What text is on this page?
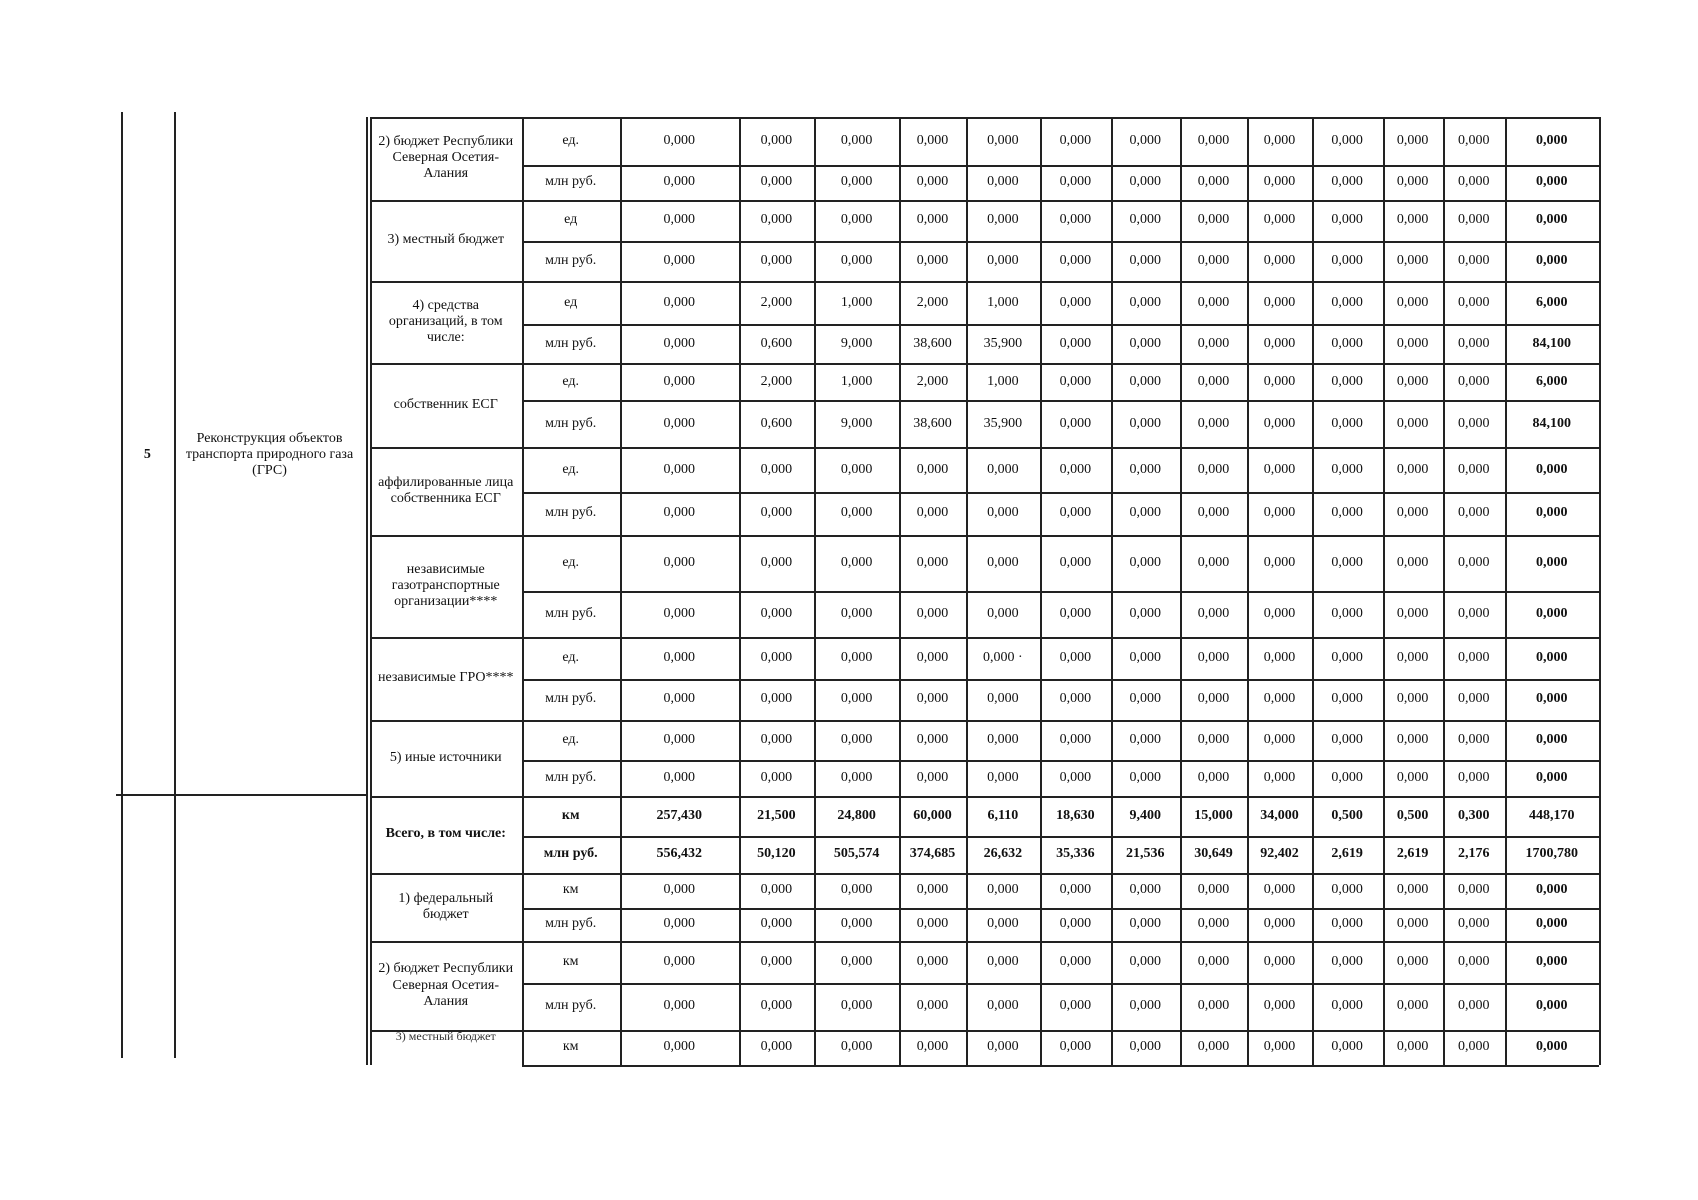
5
Реконструкция объектов транспорта природного газа (ГРС)
2) бюджет Республики Северная Осетия-Алания
ед.	0,000	0,000	0,000	0,000	0,000	0,000	0,000	0,000	0,000	0,000	0,000	0,000	0,000
млн руб.	0,000	0,000	0,000	0,000	0,000	0,000	0,000	0,000	0,000	0,000	0,000	0,000	0,000
3) местный бюджет
ед	0,000	0,000	0,000	0,000	0,000	0,000	0,000	0,000	0,000	0,000	0,000	0,000	0,000
млн руб.	0,000	0,000	0,000	0,000	0,000	0,000	0,000	0,000	0,000	0,000	0,000	0,000	0,000
4) средства организаций, в том числе:
ед	0,000	2,000	1,000	2,000	1,000	0,000	0,000	0,000	0,000	0,000	0,000	0,000	6,000
млн руб.	0,000	0,600	9,000	38,600	35,900	0,000	0,000	0,000	0,000	0,000	0,000	0,000	84,100
собственник ЕСГ
ед.	0,000	2,000	1,000	2,000	1,000	0,000	0,000	0,000	0,000	0,000	0,000	0,000	6,000
млн руб.	0,000	0,600	9,000	38,600	35,900	0,000	0,000	0,000	0,000	0,000	0,000	0,000	84,100
аффилированные лица собственника ЕСГ
ед.	0,000	0,000	0,000	0,000	0,000	0,000	0,000	0,000	0,000	0,000	0,000	0,000	0,000
млн руб.	0,000	0,000	0,000	0,000	0,000	0,000	0,000	0,000	0,000	0,000	0,000	0,000	0,000
независимые газотранспортные организации****
ед.	0,000	0,000	0,000	0,000	0,000	0,000	0,000	0,000	0,000	0,000	0,000	0,000	0,000
млн руб.	0,000	0,000	0,000	0,000	0,000	0,000	0,000	0,000	0,000	0,000	0,000	0,000	0,000
независимые ГРО****
ед.	0,000	0,000	0,000	0,000	0,000 ·	0,000	0,000	0,000	0,000	0,000	0,000	0,000	0,000
млн руб.	0,000	0,000	0,000	0,000	0,000	0,000	0,000	0,000	0,000	0,000	0,000	0,000	0,000
5) иные источники
ед.	0,000	0,000	0,000	0,000	0,000	0,000	0,000	0,000	0,000	0,000	0,000	0,000	0,000
млн руб.	0,000	0,000	0,000	0,000	0,000	0,000	0,000	0,000	0,000	0,000	0,000	0,000	0,000
Всего, в том числе:
км	257,430	21,500	24,800	60,000	6,110	18,630	9,400	15,000	34,000	0,500	0,500	0,300	448,170
млн руб.	556,432	50,120	505,574	374,685	26,632	35,336	21,536	30,649	92,402	2,619	2,619	2,176	1700,780
1) федеральный бюджет
км	0,000	0,000	0,000	0,000	0,000	0,000	0,000	0,000	0,000	0,000	0,000	0,000	0,000
млн руб.	0,000	0,000	0,000	0,000	0,000	0,000	0,000	0,000	0,000	0,000	0,000	0,000	0,000
2) бюджет Республики Северная Осетия-Алания
км	0,000	0,000	0,000	0,000	0,000	0,000	0,000	0,000	0,000	0,000	0,000	0,000	0,000
млн руб.	0,000	0,000	0,000	0,000	0,000	0,000	0,000	0,000	0,000	0,000	0,000	0,000	0,000
3) местный бюджет
км	0,000	0,000	0,000	0,000	0,000	0,000	0,000	0,000	0,000	0,000	0,000	0,000	0,000
